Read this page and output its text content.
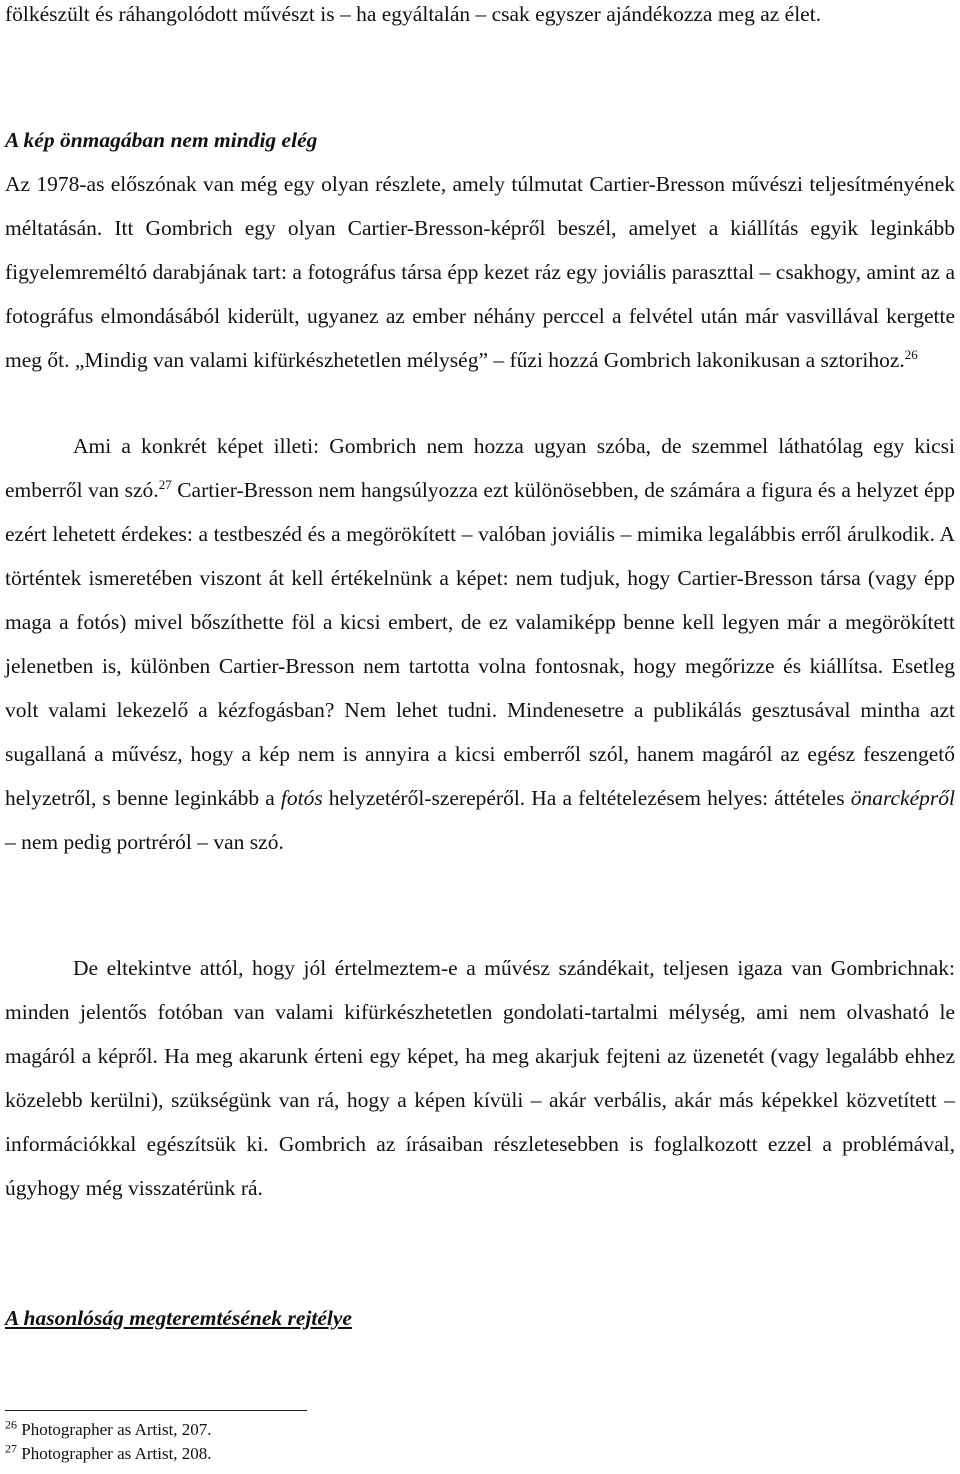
fölkészült és ráhangolódott művészt is – ha egyáltalán – csak egyszer ajándékozza meg az élet.

A kép önmagában nem mindig elég

Az 1978-as előszónak van még egy olyan részlete, amely túlmutat Cartier-Bresson művészi teljesítményének méltatásán. Itt Gombrich egy olyan Cartier-Bresson-képről beszél, amelyet a kiállítás egyik leginkább figyelemreméltó darabjának tart: a fotográfus társa épp kezet ráz egy joviális paraszttal – csakhogy, amint az a fotográfus elmondásából kiderült, ugyanez az ember néhány perccel a felvétel után már vasvillával kergette meg őt. „Mindig van valami kifürkészhetetlen mélység” – fűzi hozzá Gombrich lakonikusan a sztorihoz.$^{26}$

Ami a konkrét képet illeti: Gombrich nem hozza ugyan szóba, de szemmel láthatólag egy kicsi emberről van szó.$^{27}$ Cartier-Bresson nem hangsúlyozza ezt különösebben, de számára a figura és a helyzet épp ezért lehetett érdekes: a testbeszéd és a megörökített – valóban joviális – mimika legalábbis erről árulkodik. A történtek ismeretében viszont át kell értékelnünk a képet: nem tudjuk, hogy Cartier-Bresson társa (vagy épp maga a fotós) mivel bőszíthette föl a kicsi embert, de ez valamiképp benne kell legyen már a megörökített jelenetben is, különben Cartier-Bresson nem tartotta volna fontosnak, hogy megőrizze és kiállítsa. Esetleg volt valami lekezelő a kézfogásban? Nem lehet tudni. Mindenesetre a publikálás gesztusával mintha azt sugallaná a művész, hogy a kép nem is annyira a kicsi emberről szól, hanem magáról az egész feszengető helyzetről, s benne leginkább a fotós helyzetéről-szerepéről. Ha a feltételezésem helyes: áttételes önarcképről – nem pedig portréról – van szó.

De eltekintve attól, hogy jól értelmeztem-e a művész szándékait, teljesen igaza van Gombrichnak: minden jelentős fotóban van valami kifürkészhetetlen gondolati-tartalmi mélység, ami nem olvasható le magáról a képről. Ha meg akarunk érteni egy képet, ha meg akarjuk fejteni az üzenetét (vagy legalább ehhez közelebb kerülni), szükségünk van rá, hogy a képen kívüli – akár verbális, akár más képekkel közvetített – információkkal egészítsük ki. Gombrich az írásaiban részletesebben is foglalkozott ezzel a problémával, úgyhogy még visszatérünk rá.

A hasonlóság megteremtésének rejtélye

$^{26}$ Photographer as Artist, 207.

$^{27}$ Photographer as Artist, 208.
